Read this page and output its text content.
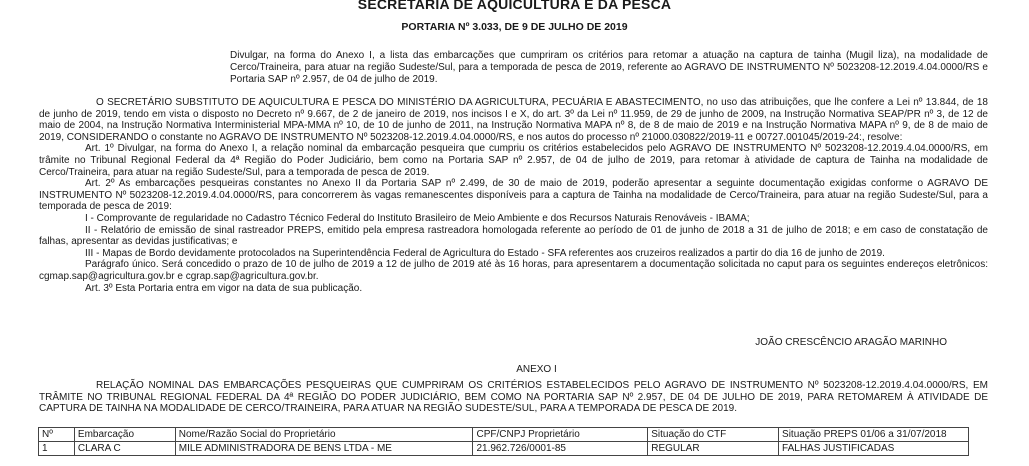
SECRETARIA DE AQUICULTURA E DA PESCA
PORTARIA Nº 3.033, DE 9 DE JULHO DE 2019
Divulgar, na forma do Anexo I, a lista das embarcações que cumpriram os critérios para retomar a atuação na captura de tainha (Mugil liza), na modalidade de Cerco/Traineira, para atuar na região Sudeste/Sul, para a temporada de pesca de 2019, referente ao AGRAVO DE INSTRUMENTO Nº 5023208-12.2019.4.04.0000/RS e Portaria SAP nº 2.957, de 04 de julho de 2019.

O SECRETÁRIO SUBSTITUTO DE AQUICULTURA E PESCA DO MINISTÉRIO DA AGRICULTURA, PECUÁRIA E ABASTECIMENTO, no uso das atribuições, que lhe confere a Lei nº 13.844, de 18 de junho de 2019, tendo em vista o disposto no Decreto nº 9.667, de 2 de janeiro de 2019, nos incisos I e X, do art. 3º da Lei nº 11.959, de 29 de junho de 2009, na Instrução Normativa SEAP/PR nº 3, de 12 de maio de 2004, na Instrução Normativa Interministerial MPA-MMA nº 10, de 10 de junho de 2011, na Instrução Normativa MAPA nº 8, de 8 de maio de 2019 e na Instrução Normativa MAPA nº 9, de 8 de maio de 2019, CONSIDERANDO o constante no AGRAVO DE INSTRUMENTO Nº 5023208-12.2019.4.04.0000/RS, e nos autos do processo nº 21000.030822/2019-11 e 00727.001045/2019-24:, resolve:

Art. 1º Divulgar, na forma do Anexo I, a relação nominal da embarcação pesqueira que cumpriu os critérios estabelecidos pelo AGRAVO DE INSTRUMENTO Nº 5023208-12.2019.4.04.0000/RS, em trâmite no Tribunal Regional Federal da 4ª Região do Poder Judiciário, bem como na Portaria SAP nº 2.957, de 04 de julho de 2019, para retomar à atividade de captura de Tainha na modalidade de Cerco/Traineira, para atuar na região Sudeste/Sul, para a temporada de pesca de 2019.

Art. 2º As embarcações pesqueiras constantes no Anexo II da Portaria SAP nº 2.499, de 30 de maio de 2019, poderão apresentar a seguinte documentação exigidas conforme o AGRAVO DE INSTRUMENTO Nº 5023208-12.2019.4.04.0000/RS, para concorrerem às vagas remanescentes disponíveis para a captura de Tainha na modalidade de Cerco/Traineira, para atuar na região Sudeste/Sul, para a temporada de pesca de 2019:

I - Comprovante de regularidade no Cadastro Técnico Federal do Instituto Brasileiro de Meio Ambiente e dos Recursos Naturais Renováveis - IBAMA;

II - Relatório de emissão de sinal rastreador PREPS, emitido pela empresa rastreadora homologada referente ao período de 01 de junho de 2018 a 31 de julho de 2018; e em caso de constatação de falhas, apresentar as devidas justificativas; e

III - Mapas de Bordo devidamente protocolados na Superintendência Federal de Agricultura do Estado - SFA referentes aos cruzeiros realizados a partir do dia 16 de junho de 2019.

Parágrafo único. Será concedido o prazo de 10 de julho de 2019 a 12 de julho de 2019 até às 16 horas, para apresentarem a documentação solicitada no caput para os seguintes endereços eletrônicos: cgmap.sap@agricultura.gov.br e cgrap.sap@agricultura.gov.br.

Art. 3º Esta Portaria entra em vigor na data de sua publicação.

JOÃO CRESCÊNCIO ARAGÃO MARINHO
ANEXO I

RELAÇÃO NOMINAL DAS EMBARCAÇÕES PESQUEIRAS QUE CUMPRIRAM OS CRITÉRIOS ESTABELECIDOS PELO AGRAVO DE INSTRUMENTO Nº 5023208-12.2019.4.04.0000/RS, EM TRÂMITE NO TRIBUNAL REGIONAL FEDERAL DA 4ª REGIÃO DO PODER JUDICIÁRIO, BEM COMO NA PORTARIA SAP Nº 2.957, DE 04 DE JULHO DE 2019, PARA RETOMAREM À ATIVIDADE DE CAPTURA DE TAINHA NA MODALIDADE DE CERCO/TRAINEIRA, PARA ATUAR NA REGIÃO SUDESTE/SUL, PARA A TEMPORADA DE PESCA DE 2019.

Nº	Embarcação	Nome/Razão Social do Proprietário	CPF/CNPJ Proprietário	Situação do CTF	Situação PREPS 01/06 a 31/07/2018
1	CLARA C	MILE ADMINISTRADORA DE BENS LTDA - ME	21.962.726/0001-85	REGULAR	FALHAS JUSTIFICADAS
